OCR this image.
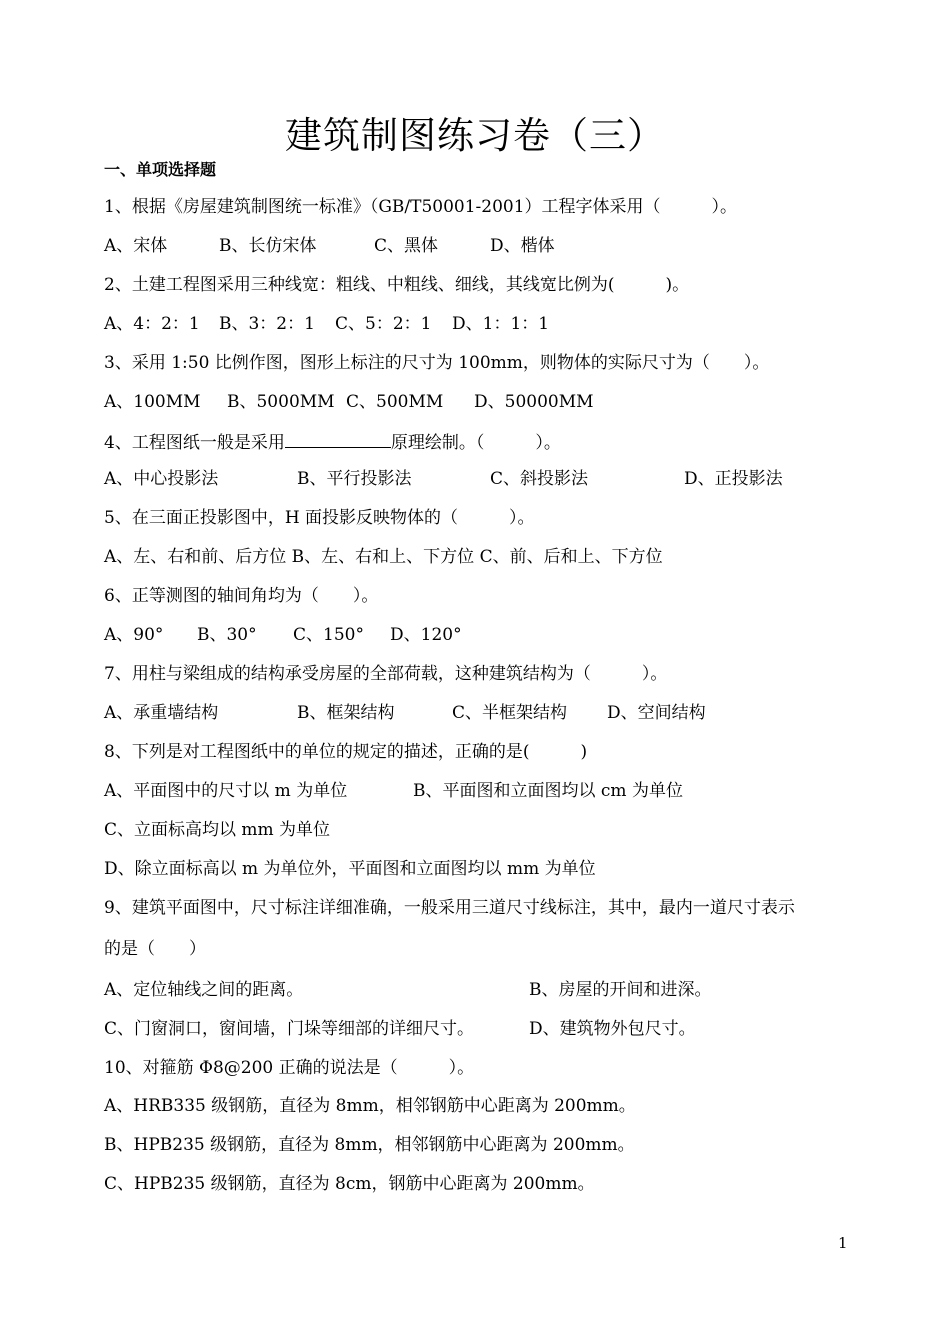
建筑制图练习卷（三）
一、单项选择题
1、根据《房屋建筑制图统一标准》（GB/T50001-2001）工程字体采用（　　　）。
A、宋体	B、长仿宋体	C、黑体	D、楷体
2、土建工程图采用三种线宽：粗线、中粗线、细线，其线宽比例为(　　　)。
A、4：2：1 B、3：2：1 C、5：2：1 D、1：1：1
3、采用 1:50 比例作图，图形上标注的尺寸为 100mm，则物体的实际尺寸为（　　）。
A、100MM B、5000MM C、500MM D、50000MM
4、工程图纸一般是采用	原理绘制。（　　　）。
A、中心投影法	B、平行投影法	C、斜投影法	D、正投影法
5、在三面正投影图中，H 面投影反映物体的（　　　）。
A、左、右和前、后方位 B、左、右和上、下方位 C、前、后和上、下方位
6、正等测图的轴间角均为（　　）。
A、90° B、30° C、150° D、120°
7、用柱与梁组成的结构承受房屋的全部荷载，这种建筑结构为（　　　）。
A、承重墙结构	B、框架结构	C、半框架结构 D、空间结构
8、下列是对工程图纸中的单位的规定的描述，正确的是(　　　)
A、平面图中的尺寸以 m 为单位	B、平面图和立面图均以 cm 为单位
C、立面标高均以 mm 为单位
D、除立面标高以 m 为单位外，平面图和立面图均以 mm 为单位
9、建筑平面图中，尺寸标注详细准确，一般采用三道尺寸线标注，其中，最内一道尺寸表示
的是（　　）
A、定位轴线之间的距离。	B、房屋的开间和进深。
C、门窗洞口，窗间墙，门垛等细部的详细尺寸。	D、建筑物外包尺寸。
10、对箍筋 Φ8@200 正确的说法是（　　　）。
A、HRB335 级钢筋，直径为 8mm，相邻钢筋中心距离为 200mm。
B、HPB235 级钢筋，直径为 8mm，相邻钢筋中心距离为 200mm。
C、HPB235 级钢筋，直径为 8cm，钢筋中心距离为 200mm。
1
